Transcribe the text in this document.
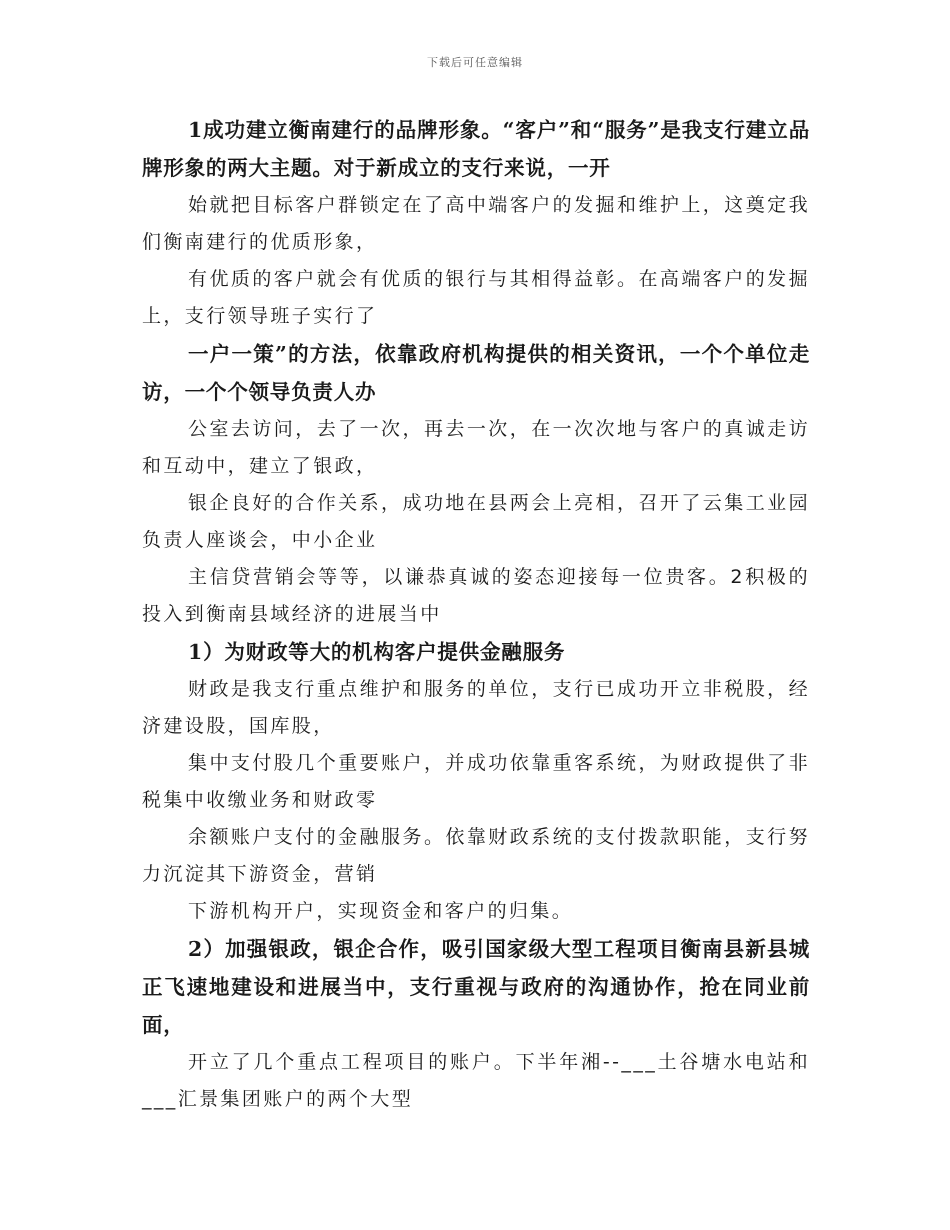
下载后可任意编辑

1成功建立衡南建行的品牌形象。“客户”和“服务”是我支行建立品牌形象的两大主题。对于新成立的支行来说，一开

始就把目标客户群锁定在了高中端客户的发掘和维护上，这奠定我们衡南建行的优质形象，

有优质的客户就会有优质的银行与其相得益彰。在高端客户的发掘上，支行领导班子实行了

一户一策”的方法，依靠政府机构提供的相关资讯，一个个单位走访，一个个领导负责人办

公室去访问，去了一次，再去一次，在一次次地与客户的真诚走访和互动中，建立了银政，

银企良好的合作关系，成功地在县两会上亮相，召开了云集工业园负责人座谈会，中小企业

主信贷营销会等等，以谦恭真诚的姿态迎接每一位贵客。2积极的投入到衡南县域经济的进展当中

1）为财政等大的机构客户提供金融服务

财政是我支行重点维护和服务的单位，支行已成功开立非税股，经济建设股，国库股，

集中支付股几个重要账户，并成功依靠重客系统，为财政提供了非税集中收缴业务和财政零

余额账户支付的金融服务。依靠财政系统的支付拨款职能，支行努力沉淀其下游资金，营销

下游机构开户，实现资金和客户的归集。

2）加强银政，银企合作，吸引国家级大型工程项目衡南县新县城正飞速地建设和进展当中，支行重视与政府的沟通协作，抢在同业前面，

开立了几个重点工程项目的账户。下半年湘--___土谷塘水电站和___汇景集团账户的两个大型
